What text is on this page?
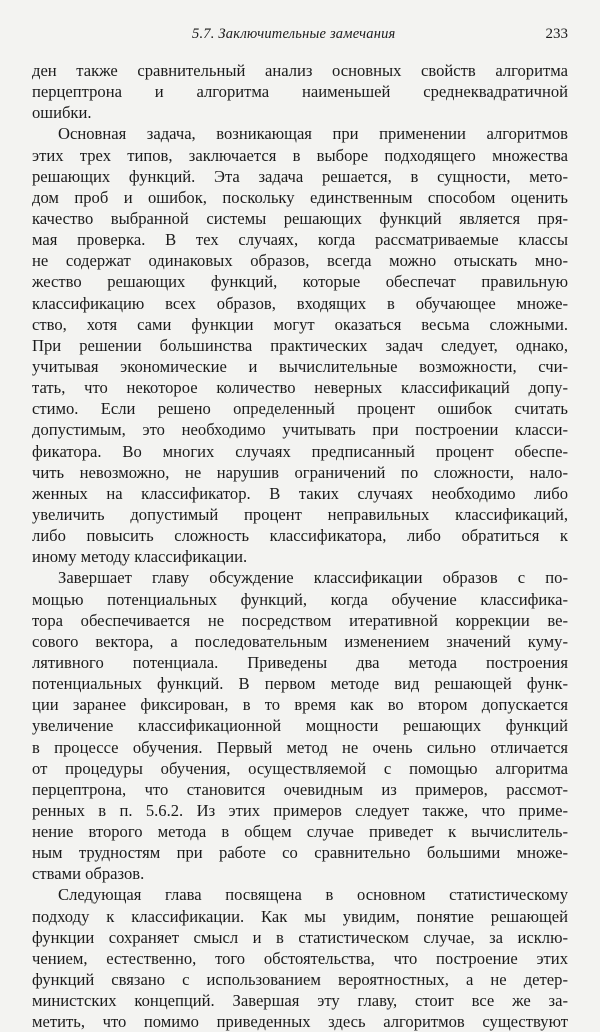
5.7. Заключительные замечания	233
ден также сравнительный анализ основных свойств алгоритма
перцептрона и алгоритма наименьшей среднеквадратичной
ошибки.
Основная задача, возникающая при применении алгоритмов
этих трех типов, заключается в выборе подходящего множества
решающих функций. Эта задача решается, в сущности, мето-
дом проб и ошибок, поскольку единственным способом оценить
качество выбранной системы решающих функций является пря-
мая проверка. В тех случаях, когда рассматриваемые классы
не содержат одинаковых образов, всегда можно отыскать мно-
жество решающих функций, которые обеспечат правильную
классификацию всех образов, входящих в обучающее множе-
ство, хотя сами функции могут оказаться весьма сложными.
При решении большинства практических задач следует, однако,
учитывая экономические и вычислительные возможности, счи-
тать, что некоторое количество неверных классификаций допу-
стимо. Если решено определенный процент ошибок считать
допустимым, это необходимо учитывать при построении класси-
фикатора. Во многих случаях предписанный процент обеспе-
чить невозможно, не нарушив ограничений по сложности, нало-
женных на классификатор. В таких случаях необходимо либо
увеличить допустимый процент неправильных классификаций,
либо повысить сложность классификатора, либо обратиться к
иному методу классификации.
Завершает главу обсуждение классификации образов с по-
мощью потенциальных функций, когда обучение классифика-
тора обеспечивается не посредством итеративной коррекции ве-
сового вектора, а последовательным изменением значений куму-
лятивного потенциала. Приведены два метода построения
потенциальных функций. В первом методе вид решающей функ-
ции заранее фиксирован, в то время как во втором допускается
увеличение классификационной мощности решающих функций
в процессе обучения. Первый метод не очень сильно отличается
от процедуры обучения, осуществляемой с помощью алгоритма
перцептрона, что становится очевидным из примеров, рассмот-
ренных в п. 5.6.2. Из этих примеров следует также, что приме-
нение второго метода в общем случае приведет к вычислитель-
ным трудностям при работе со сравнительно большими множе-
ствами образов.
Следующая глава посвящена в основном статистическому
подходу к классификации. Как мы увидим, понятие решающей
функции сохраняет смысл и в статистическом случае, за исклю-
чением, естественно, того обстоятельства, что построение этих
функций связано с использованием вероятностных, а не детер-
министских концепций. Завершая эту главу, стоит все же за-
метить, что помимо приведенных здесь алгоритмов существуют
